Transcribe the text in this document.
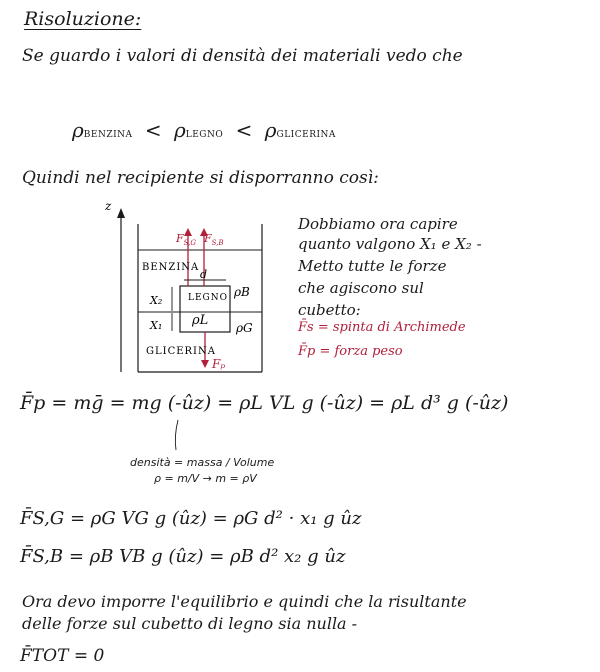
Risoluzione:
Se guardo i valori di densità dei materiali vedo che
ρBENZINA < ρLEGNO < ρGLICERINA
Quindi nel recipiente si disporranno così:
z
$F_{S,G}$ $F_{S,B}$
Fₚ
d
X₂
X₁
BENZINA
LEGNO
GLICERINA
ρB
ρL ρG
Dobbiamo ora capire
quanto valgono X₁ e X₂ -
Metto tutte le forze
che agiscono sul
cubetto:
F̄s = spinta di Archimede
F̄p = forza peso
F̄p = mḡ = mg (-ûz) = ρL VL g (-ûz) = ρL d³ g (-ûz)
densità = massa / Volume
ρ = m/V → m = ρV
F̄S,G = ρG VG g (ûz) = ρG d² · x₁ g ûz
F̄S,B = ρB VB g (ûz) = ρB d² x₂ g ûz
Ora devo imporre l'equilibrio e quindi che la risultante
delle forze sul cubetto di legno sia nulla -
F̄TOT = 0
